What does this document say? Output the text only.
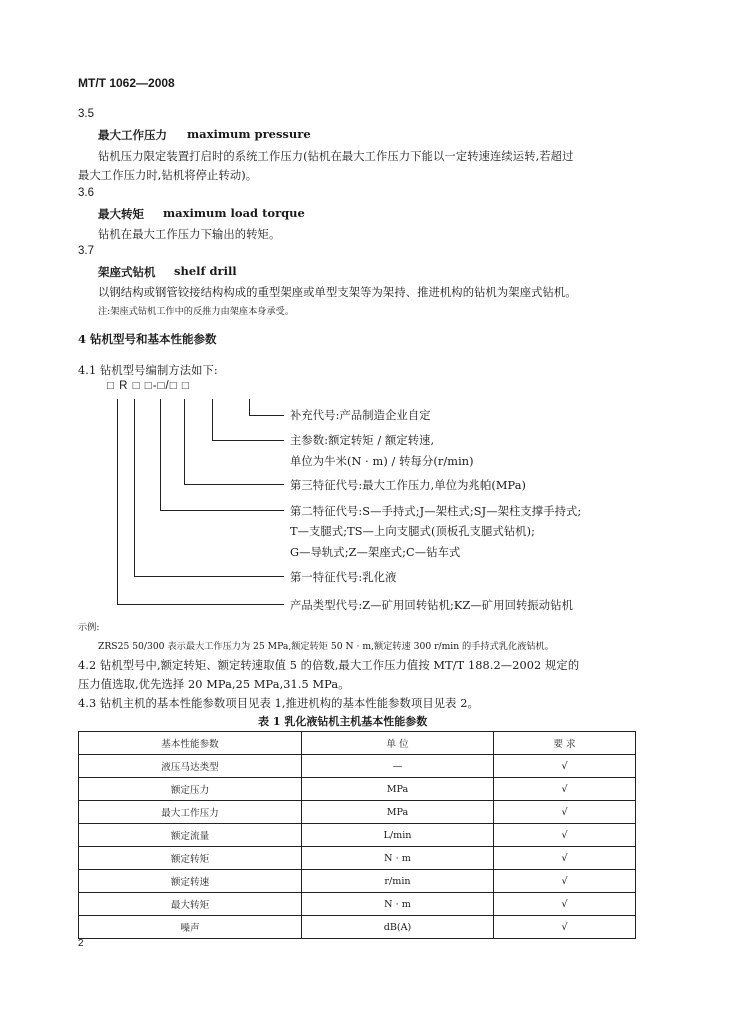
MT/T 1062—2008
3.5
最大工作压力 maximum pressure
钻机压力限定装置打启时的系统工作压力(钻机在最大工作压力下能以一定转速连续运转,若超过
最大工作压力时,钻机将停止转动)。
3.6
最大转矩 maximum load torque
钻机在最大工作压力下输出的转矩。
3.7
架座式钻机 shelf drill
以钢结构或钢管铰接结构构成的重型架座或单型支架等为架持、推进机构的钻机为架座式钻机。
注:架座式钻机工作中的反推力由架座本身承受。
4 钻机型号和基本性能参数
4.1 钻机型号编制方法如下:
□ R □ □-□/□ □
补充代号:产品制造企业自定
主参数:额定转矩 / 额定转速,
单位为牛米(N · m) / 转每分(r/min)
第三特征代号:最大工作压力,单位为兆帕(MPa)
第二特征代号:S—手持式;J—架柱式;SJ—架柱支撑手持式;
T—支腿式;TS—上向支腿式(顶板孔支腿式钻机);
G—导轨式;Z—架座式;C—钻车式
第一特征代号:乳化液
产品类型代号:Z—矿用回转钻机;KZ—矿用回转振动钻机
示例:
ZRS25 50/300 表示最大工作压力为 25 MPa,额定转矩 50 N · m,额定转速 300 r/min 的手持式乳化液钻机。
4.2 钻机型号中,额定转矩、额定转速取值 5 的倍数,最大工作压力值按 MT/T 188.2—2002 规定的
压力值选取,优先选择 20 MPa,25 MPa,31.5 MPa。
4.3 钻机主机的基本性能参数项目见表 1,推进机构的基本性能参数项目见表 2。
表 1 乳化液钻机主机基本性能参数
基本性能参数	单 位	要 求
液压马达类型	—	√
额定压力	MPa	√
最大工作压力	MPa	√
额定流量	L/min	√
额定转矩	N · m	√
额定转速	r/min	√
最大转矩	N · m	√
噪声	dB(A)	√
2
